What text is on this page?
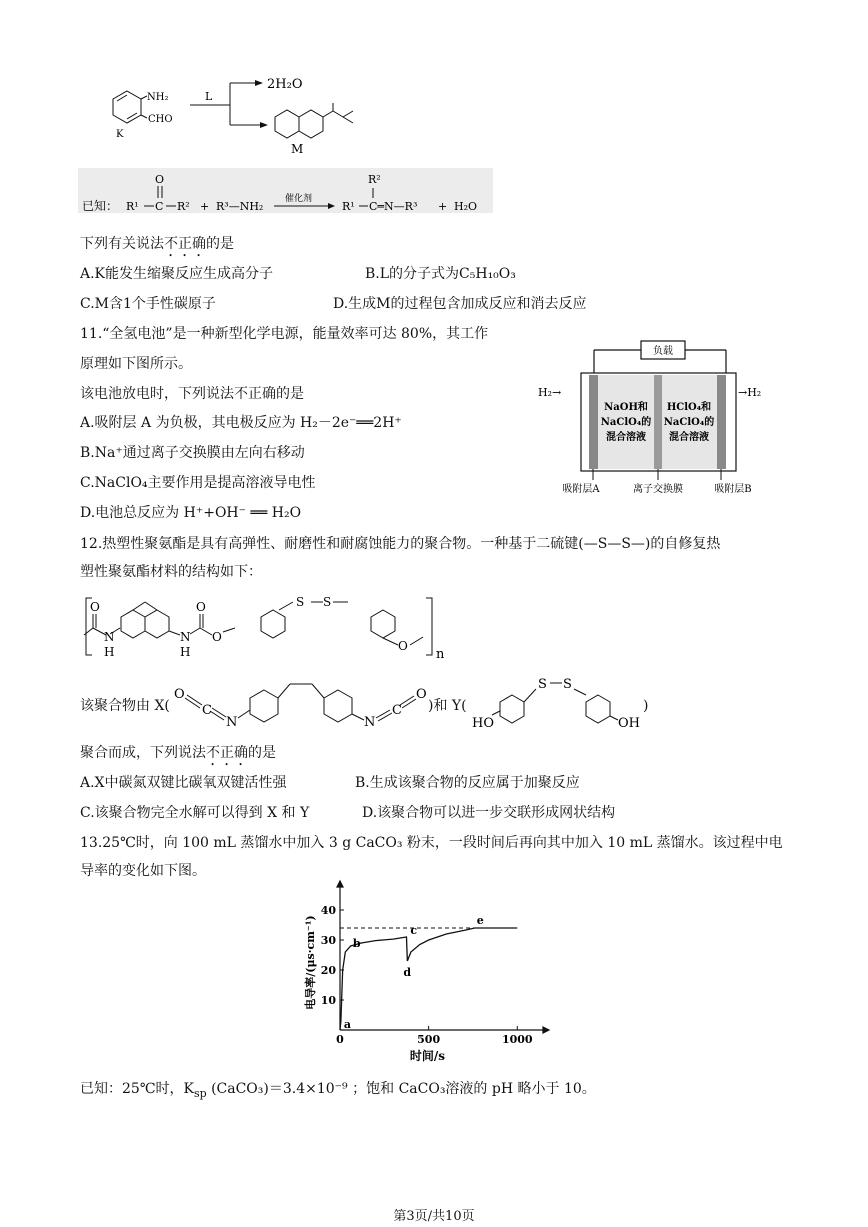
NH₂
CHO
K
L
2H₂O
M
已知： R¹ C
O
R² + R³—NH₂
催化剂
R¹ C═N—R³
R²
+ H₂O
下列有关说法不正确的是
A.K能发生缩聚反应生成高分子	B.L的分子式为C₅H₁₀O₃
C.M含1个手性碳原子	D.生成M的过程包含加成反应和消去反应
11.“全氢电池”是一种新型化学电源，能量效率可达 80%，其工作
原理如下图所示。
该电池放电时，下列说法不正确的是
A.吸附层 A 为负极，其电极反应为 H₂－2e⁻══2H⁺
B.Na⁺通过离子交换膜由左向右移动
C.NaClO₄主要作用是提高溶液导电性
D.电池总反应为 H⁺+OH⁻ ══ H₂O
负载
H₂→	→H₂
NaOH和
NaClO₄的
混合溶液
HClO₄和
NaClO₄的
混合溶液
吸附层A	离子交换膜	吸附层B
12.热塑性聚氨酯是具有高弹性、耐磨性和耐腐蚀能力的聚合物。一种基于二硫键(—S—S—)的自修复热
塑性聚氨酯材料的结构如下：
H
N
O
N
H
O
O
S S
O
n
该聚合物由 X(
O
C
N	N
C
O
)和 Y(
HO
S S
OH
)
聚合而成，下列说法不正确的是
A.X中碳氮双键比碳氧双键活性强	B.生成该聚合物的反应属于加聚反应
C.该聚合物完全水解可以得到 X 和 Y	D.该聚合物可以进一步交联形成网状结构
13.25℃时，向 100 mL 蒸馏水中加入 3 g CaCO₃ 粉末，一段时间后再向其中加入 10 mL 蒸馏水。该过程中电
导率的变化如下图。
0	500	1000
10
20
30
40
a
b
c
d
e
时间/s
电导率/(μs·cm⁻¹)
已知：25℃时，$K_{sp}$ (CaCO₃)＝3.4×10⁻⁹ ；饱和 CaCO₃溶液的 pH 略小于 10。
第3页/共10页
